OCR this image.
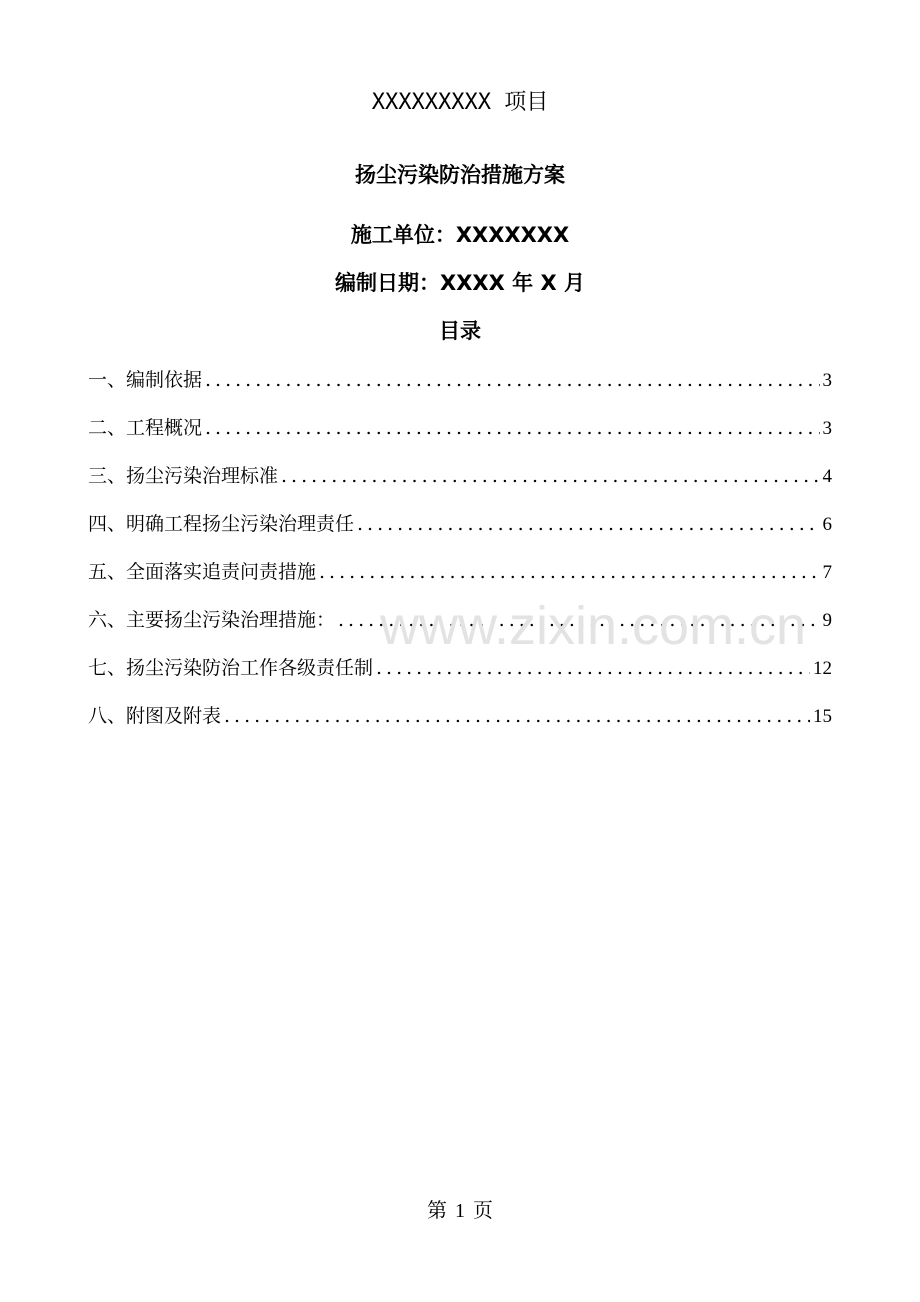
XXXXXXXXX 项目
扬尘污染防治措施方案
施工单位：XXXXXXX
编制日期：XXXX 年 X 月
目录
一、编制依据 .....	3
二、工程概况 .....	3
三、扬尘污染治理标准 .....	4
四、明确工程扬尘污染治理责任 .....	6
五、全面落实追责问责措施 .....	7
六、主要扬尘污染治理措施： .....	9
七、扬尘污染防治工作各级责任制 .....	12
八、附图及附表 .....	15
www.zixin.com.cn
第 1 页
